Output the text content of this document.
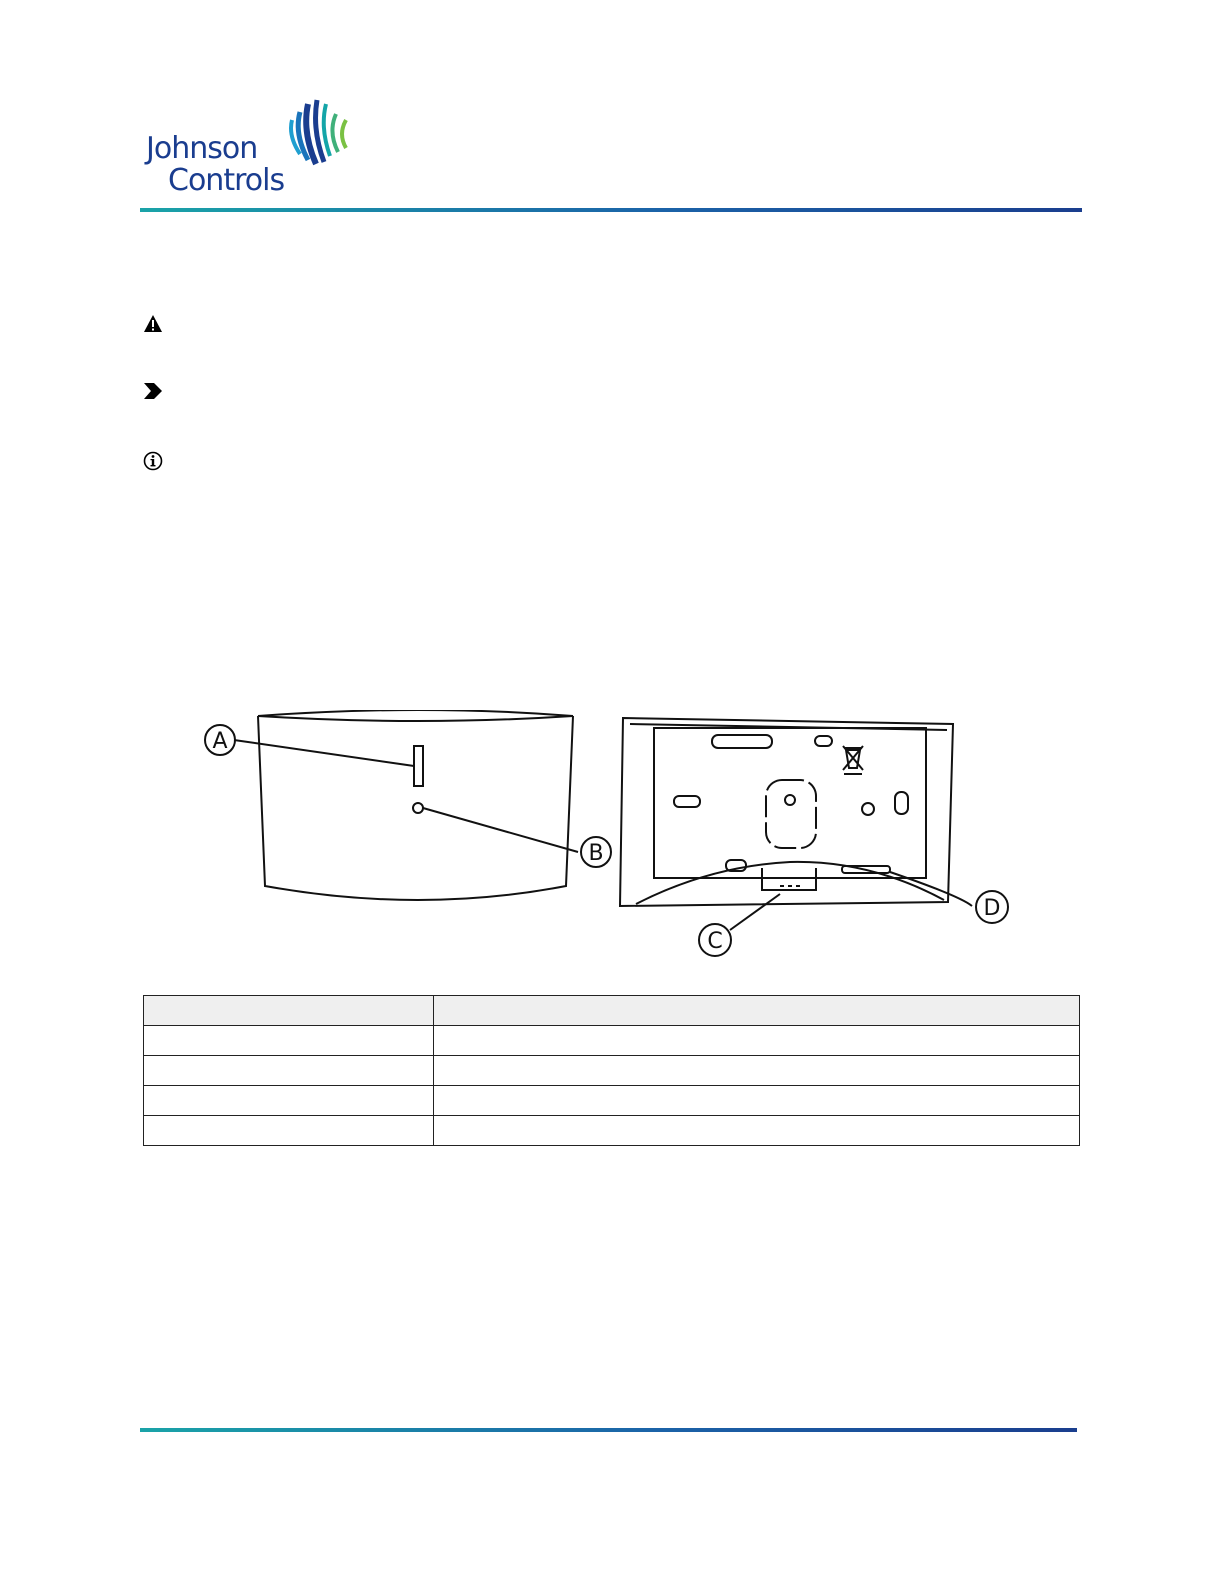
Johnson
Controls
A
B
C
D
